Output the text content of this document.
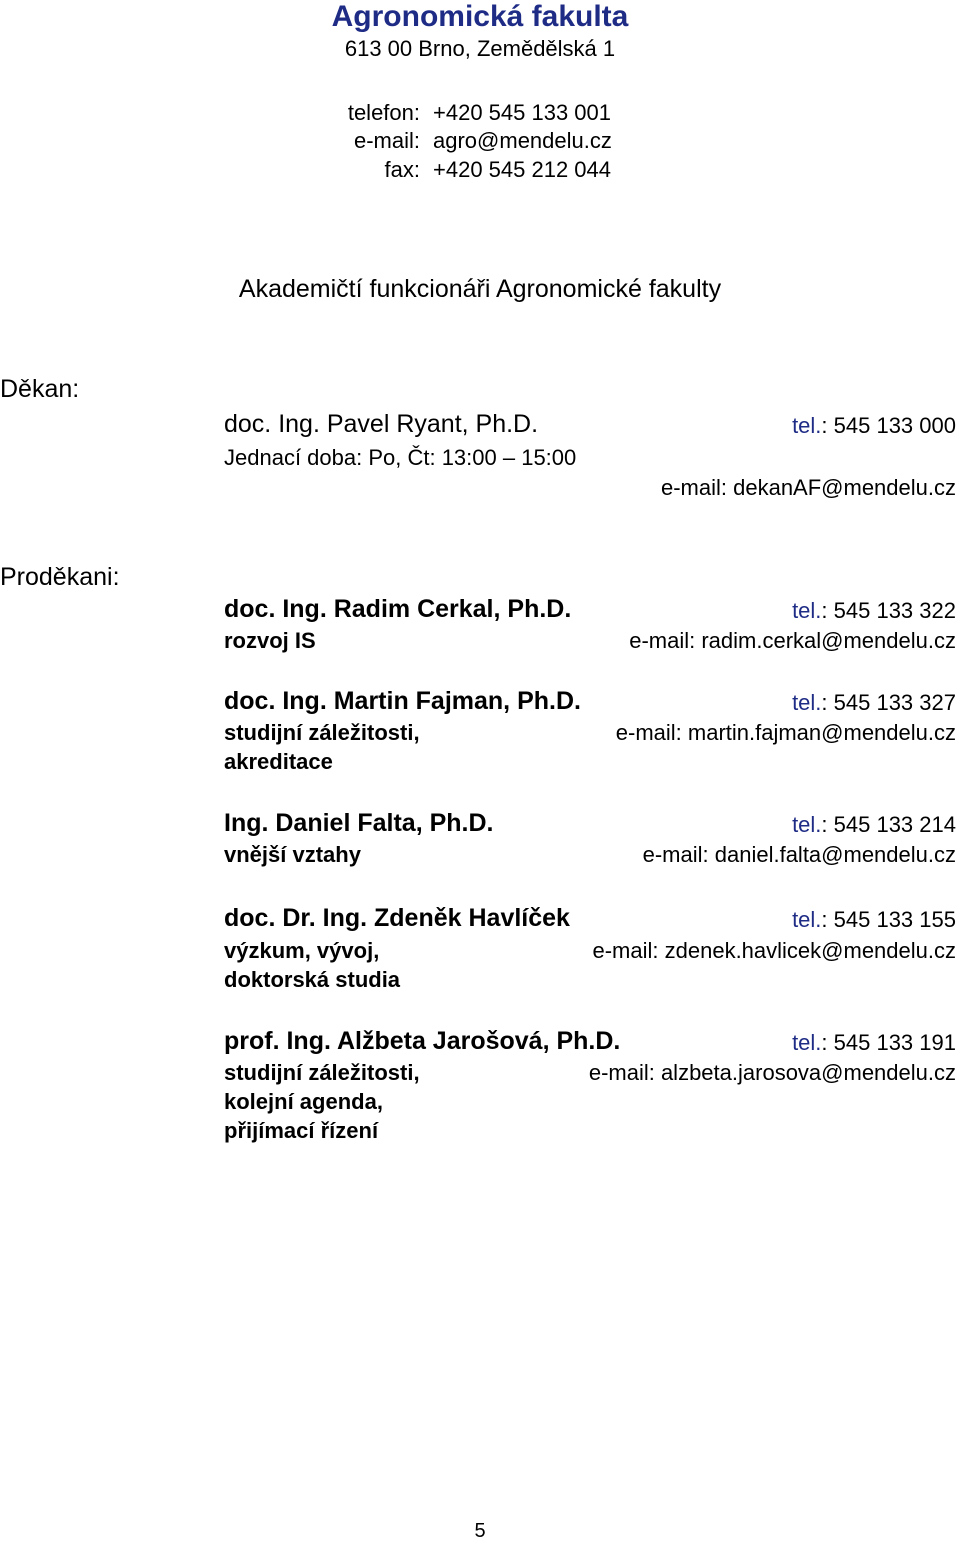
Agronomická fakulta
613 00 Brno, Zemědělská 1
telefon: +420 545 133 001
e-mail: agro@mendelu.cz
fax: +420 545 212 044
Akademičtí funkcionáři Agronomické fakulty
Děkan:
doc. Ing. Pavel Ryant, Ph.D.	tel.: 545 133 000
Jednací doba: Po, Čt: 13:00 – 15:00
e-mail: dekanAF@mendelu.cz
Proděkani:
doc. Ing. Radim Cerkal, Ph.D.	tel.: 545 133 322
rozvoj IS	e-mail: radim.cerkal@mendelu.cz
doc. Ing. Martin Fajman, Ph.D.	tel.: 545 133 327
studijní záležitosti,	e-mail: martin.fajman@mendelu.cz
akreditace
Ing. Daniel Falta, Ph.D.	tel.: 545 133 214
vnější vztahy	e-mail: daniel.falta@mendelu.cz
doc. Dr. Ing. Zdeněk Havlíček	tel.: 545 133 155
výzkum, vývoj,	e-mail: zdenek.havlicek@mendelu.cz
doktorská studia
prof. Ing. Alžbeta Jarošová, Ph.D.	tel.: 545 133 191
studijní záležitosti,	e-mail: alzbeta.jarosova@mendelu.cz
kolejní agenda,
přijímací řízení
5
